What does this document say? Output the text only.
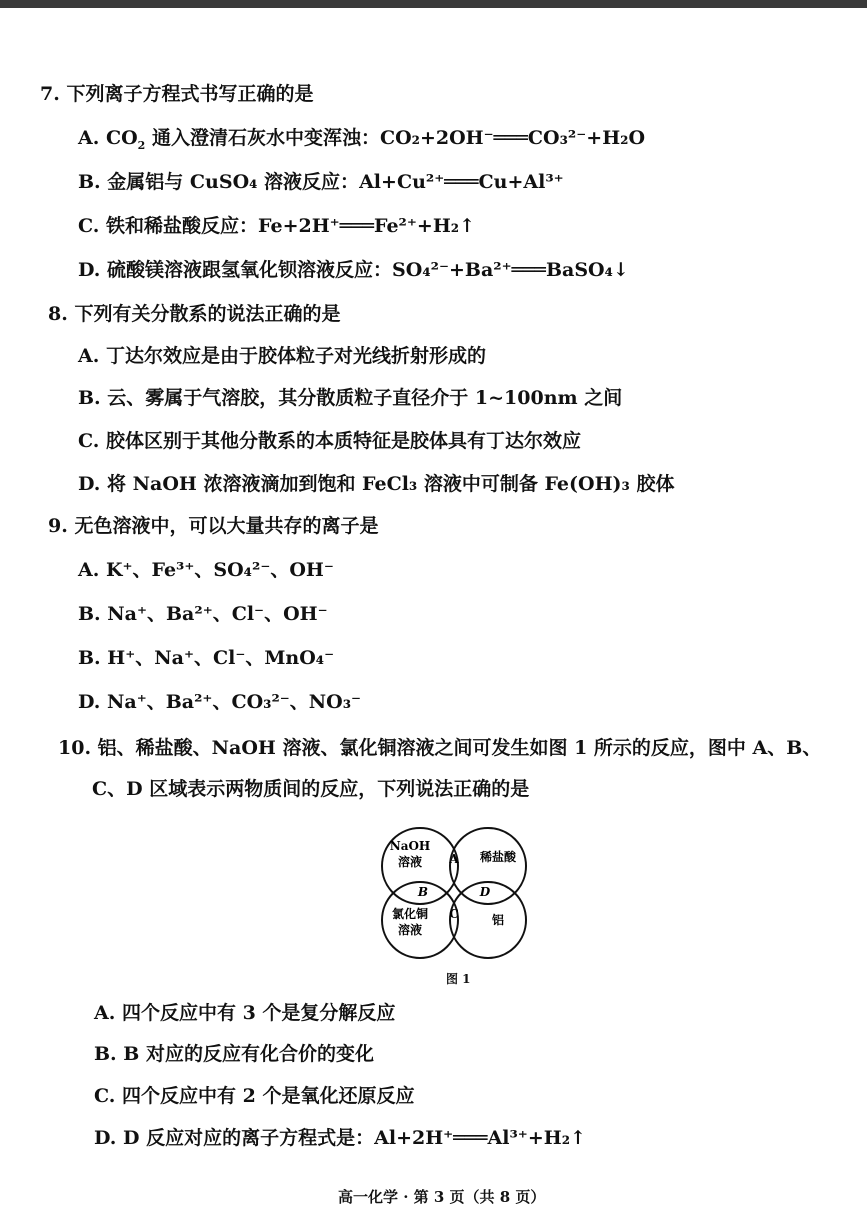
7. 下列离子方程式书写正确的是
A. $CO_2$ 通入澄清石灰水中变浑浊：CO₂+2OH⁻═══CO₃²⁻+H₂O
B. 金属铝与 CuSO₄ 溶液反应：Al+Cu²⁺═══Cu+Al³⁺
C. 铁和稀盐酸反应：Fe+2H⁺═══Fe²⁺+H₂↑
D. 硫酸镁溶液跟氢氧化钡溶液反应：SO₄²⁻+Ba²⁺═══BaSO₄↓
8. 下列有关分散系的说法正确的是
A. 丁达尔效应是由于胶体粒子对光线折射形成的
B. 云、雾属于气溶胶，其分散质粒子直径介于 1~100nm 之间
C. 胶体区别于其他分散系的本质特征是胶体具有丁达尔效应
D. 将 NaOH 浓溶液滴加到饱和 FeCl₃ 溶液中可制备 Fe(OH)₃ 胶体
9. 无色溶液中，可以大量共存的离子是
A. K⁺、Fe³⁺、SO₄²⁻、OH⁻
B. Na⁺、Ba²⁺、Cl⁻、OH⁻
B. H⁺、Na⁺、Cl⁻、MnO₄⁻
D. Na⁺、Ba²⁺、CO₃²⁻、NO₃⁻
10. 铝、稀盐酸、NaOH 溶液、氯化铜溶液之间可发生如图 1 所示的反应，图中 A、B、
C、D 区域表示两物质间的反应，下列说法正确的是
NaOH
溶液	稀盐酸
氯化铜
溶液
铝
A
B
C
D
图 1
A. 四个反应中有 3 个是复分解反应
B. B 对应的反应有化合价的变化
C. 四个反应中有 2 个是氧化还原反应
D. D 反应对应的离子方程式是：Al+2H⁺═══Al³⁺+H₂↑
高一化学 · 第 3 页（共 8 页）
